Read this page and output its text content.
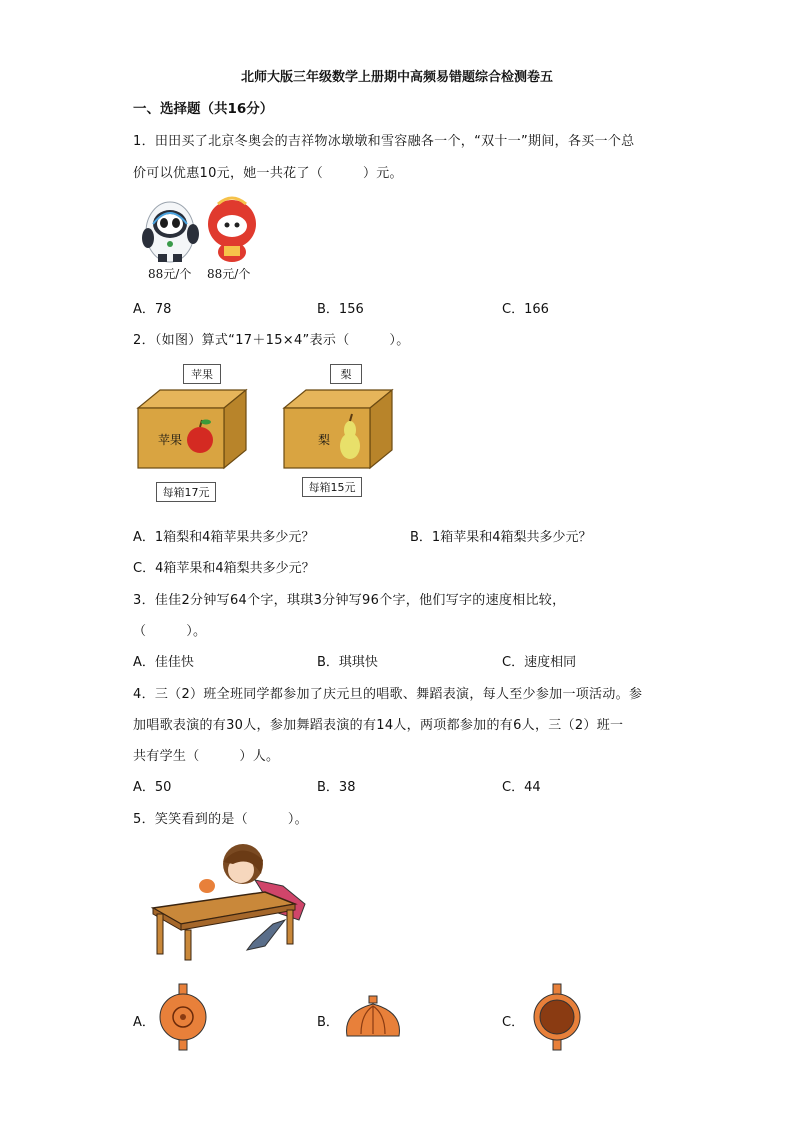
北师大版三年级数学上册期中高频易错题综合检测卷五
一、选择题（共16分）
1．田田买了北京冬奥会的吉祥物冰墩墩和雪容融各一个，“双十一”期间，各买一个总
价可以优惠10元，她一共花了（　　　）元。
88元/个 88元/个
A．78	B．156	C．166
2．（如图）算式“17＋15×4”表示（　　　）。
苹果	梨
苹果	梨
每箱17元	每箱15元
A．1箱梨和4箱苹果共多少元？	B．1箱苹果和4箱梨共多少元？
C．4箱苹果和4箱梨共多少元？
3．佳佳2分钟写64个字，琪琪3分钟写96个字，他们写字的速度相比较，
（　　　）。
A．佳佳快	B．琪琪快	C．速度相同
4．三（2）班全班同学都参加了庆元旦的唱歌、舞蹈表演，每人至少参加一项活动。参
加唱歌表演的有30人，参加舞蹈表演的有14人，两项都参加的有6人，三（2）班一
共有学生（　　　）人。
A．50	B．38	C．44
5．笑笑看到的是（　　　）。
A．	B．	C．
